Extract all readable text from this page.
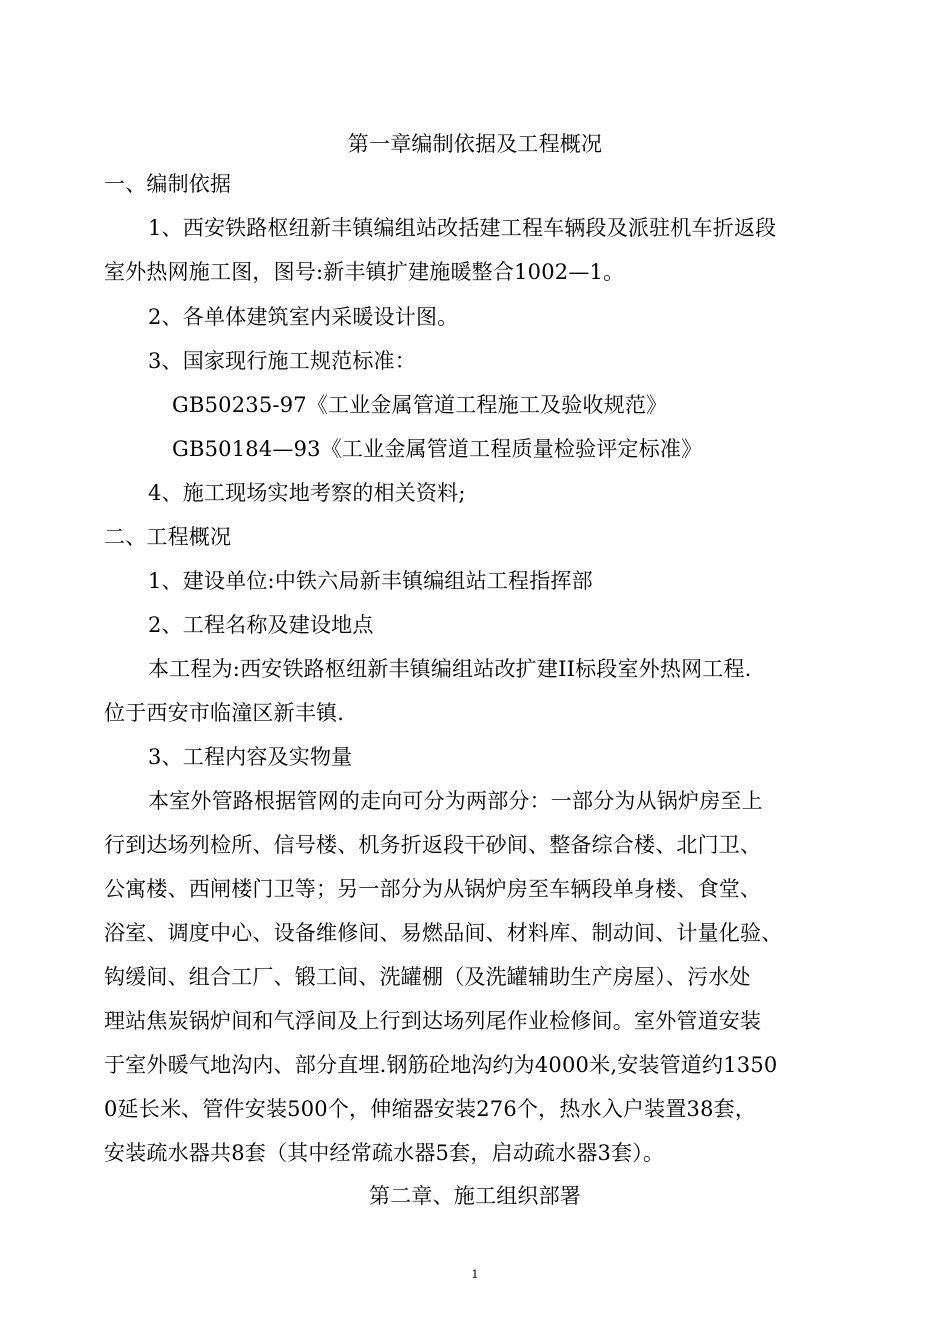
第一章编制依据及工程概况
一、编制依据
1、西安铁路枢纽新丰镇编组站改括建工程车辆段及派驻机车折返段
室外热网施工图，图号:新丰镇扩建施暖整合1002—1。
2、各单体建筑室内采暖设计图。
3、国家现行施工规范标准：
GB50235-97《工业金属管道工程施工及验收规范》
GB50184—93《工业金属管道工程质量检验评定标准》
4、施工现场实地考察的相关资料;
二、工程概况
1、建设单位:中铁六局新丰镇编组站工程指挥部
2、工程名称及建设地点
本工程为:西安铁路枢纽新丰镇编组站改扩建II标段室外热网工程.
位于西安市临潼区新丰镇.
3、工程内容及实物量
本室外管路根据管网的走向可分为两部分：一部分为从锅炉房至上
行到达场列检所、信号楼、机务折返段干砂间、整备综合楼、北门卫、
公寓楼、西闸楼门卫等；另一部分为从锅炉房至车辆段单身楼、食堂、
浴室、调度中心、设备维修间、易燃品间、材料库、制动间、计量化验、
钩缓间、组合工厂、锻工间、洗罐棚（及洗罐辅助生产房屋）、污水处
理站焦炭锅炉间和气浮间及上行到达场列尾作业检修间。室外管道安装
于室外暖气地沟内、部分直埋.钢筋砼地沟约为4000米,安装管道约1350
0延长米、管件安装500个，伸缩器安装276个，热水入户装置38套，
安装疏水器共8套（其中经常疏水器5套，启动疏水器3套）。
第二章、施工组织部署
1
